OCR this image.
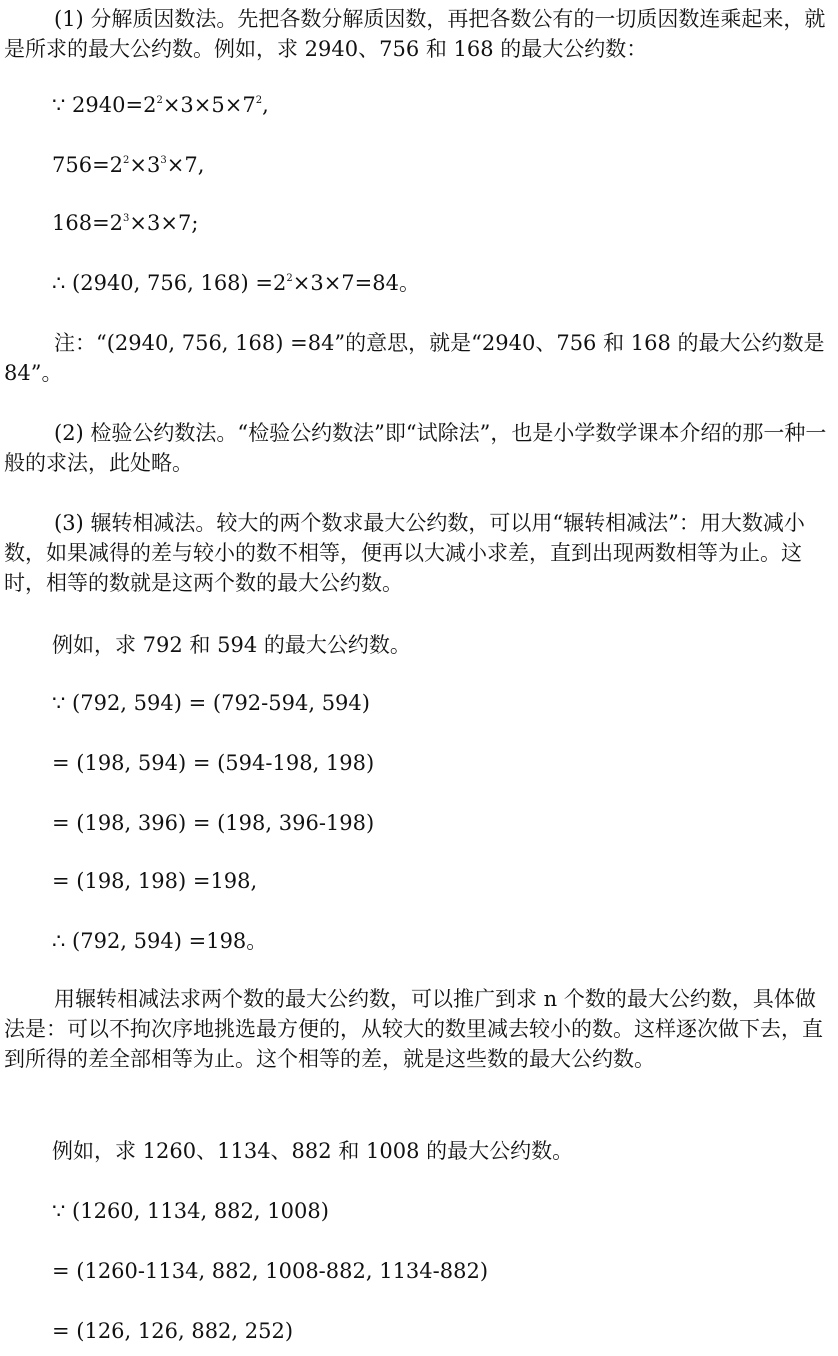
(1) 分解质因数法。先把各数分解质因数，再把各数公有的一切质因数连乘起来，就是所求的最大公约数。例如，求 2940、756 和 168 的最大公约数：

∵ $2940=2^2\times 3\times 5\times 7^2$,

$756=2^2\times 3^3\times 7$,

$168=2^3\times 3\times 7$;

∴ (2940, 756, $168) =2^2\times 3\times 7=84$。

注：“(2940, 756, 168) =84”的意思，就是“2940、756 和 168 的最大公约数是 84”。

(2) 检验公约数法。“检验公约数法”即“试除法”，也是小学数学课本介绍的那一种一般的求法，此处略。

(3) 辗转相减法。较大的两个数求最大公约数，可以用“辗转相减法”：用大数减小数，如果减得的差与较小的数不相等，便再以大减小求差，直到出现两数相等为止。这时，相等的数就是这两个数的最大公约数。

例如，求 792 和 594 的最大公约数。

∵ (792, 594) = (792-594, 594)

= (198, 594) = (594-198, 198)

= (198, 396) = (198, 396-198)

= (198, 198) =198,

∴ (792, 594) =198。

用辗转相减法求两个数的最大公约数，可以推广到求 n 个数的最大公约数，具体做法是：可以不拘次序地挑选最方便的，从较大的数里减去较小的数。这样逐次做下去，直到所得的差全部相等为止。这个相等的差，就是这些数的最大公约数。

例如，求 1260、1134、882 和 1008 的最大公约数。

∵ (1260, 1134, 882, 1008)

= (1260-1134, 882, 1008-882, 1134-882)

= (126, 126, 882, 252)
